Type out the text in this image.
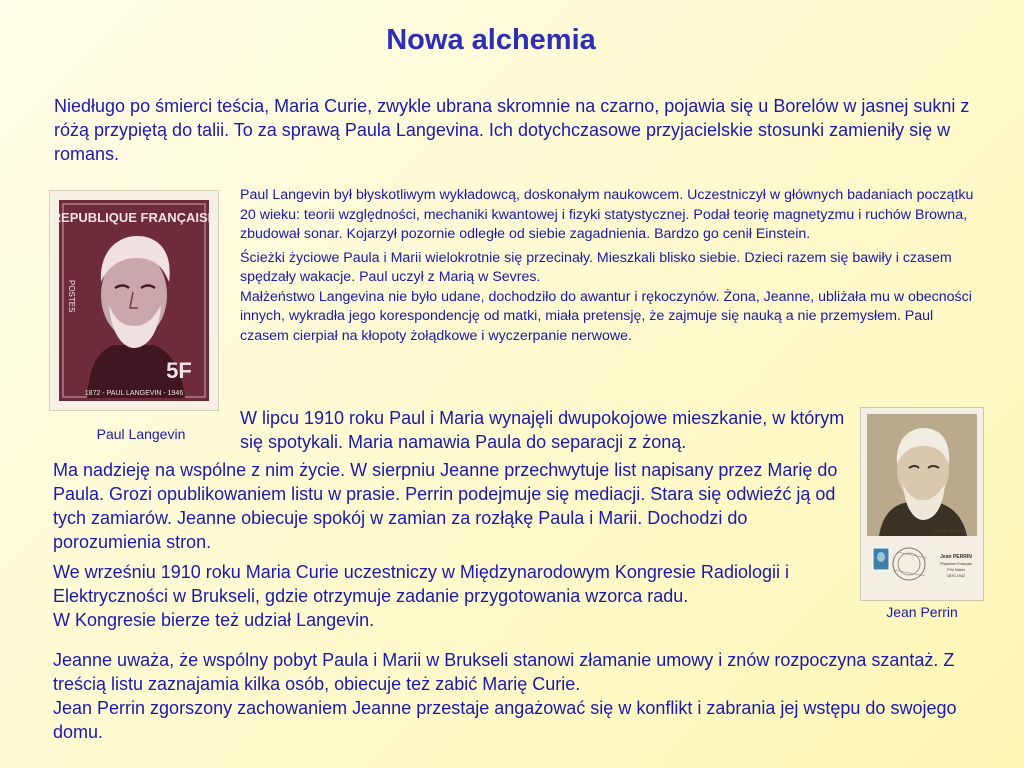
Nowa alchemia
Niedługo po śmierci teścia, Maria Curie, zwykle ubrana skromnie na czarno, pojawia się u Borelów w jasnej sukni z różą przypiętą do talii. To za sprawą Paula Langevina. Ich dotychczasowe przyjacielskie stosunki zamieniły się w romans.
REPUBLIQUE FRANÇAISE
POSTES
5F
1872 - PAUL LANGEVIN - 1946
Paul Langevin

Paul Langevin był błyskotliwym wykładowcą, doskonałym naukowcem. Uczestniczył w głównych badaniach początku 20 wieku: teorii względności, mechaniki kwantowej i fizyki statystycznej. Podał teorię magnetyzmu i ruchów Browna, zbudował sonar. Kojarzył pozornie odległe od siebie zagadnienia. Bardzo go cenił Einstein.

Ścieżki życiowe Paula i Marii wielokrotnie się przecinały. Mieszkali blisko siebie. Dzieci razem się bawiły i czasem spędzały wakacje. Paul uczył z Marią w Sevres.

Małżeństwo Langevina nie było udane, dochodziło do awantur i rękoczynów. Żona, Jeanne, ubliżała mu w obecności innych, wykradła jego korespondencję od matki, miała pretensję, że zajmuje się nauką a nie przemysłem. Paul czasem cierpiał na kłopoty żołądkowe i wyczerpanie nerwowe.

W lipcu 1910 roku Paul i Maria wynajęli dwupokojowe mieszkanie, w którym się spotykali. Maria namawia Paula do separacji z żoną.
Ma nadzieję na wspólne z nim życie. W sierpniu Jeanne przechwytuje list napisany przez Marię do Paula. Grozi opublikowaniem listu w prasie. Perrin podejmuje się mediacji. Stara się odwieźć ją od tych zamiarów. Jeanne obiecuje spokój w zamian za rozłąkę Paula i Marii. Dochodzi do porozumienia stron.
We wrześniu 1910 roku Maria Curie uczestniczy w Międzynarodowym Kongresie Radiologii i Elektryczności w Brukseli, gdzie otrzymuje zadanie przygotowania wzorca radu.
W Kongresie bierze też udział Langevin.
Jeanne uważa, że wspólny pobyt Paula i Marii w Brukseli stanowi złamanie umowy i znów rozpoczyna szantaż. Z treścią listu zaznajamia kilka osób, obiecuje też zabić Marię Curie.
Jean Perrin zgorszony zachowaniem Jeanne przestaje angażować się w konflikt i zabrania jej wstępu do swojego domu.
Pierre G. Bertrand
Jean PERRIN
Physicien Français
Prix Nobel
1870-1942
Jean Perrin
